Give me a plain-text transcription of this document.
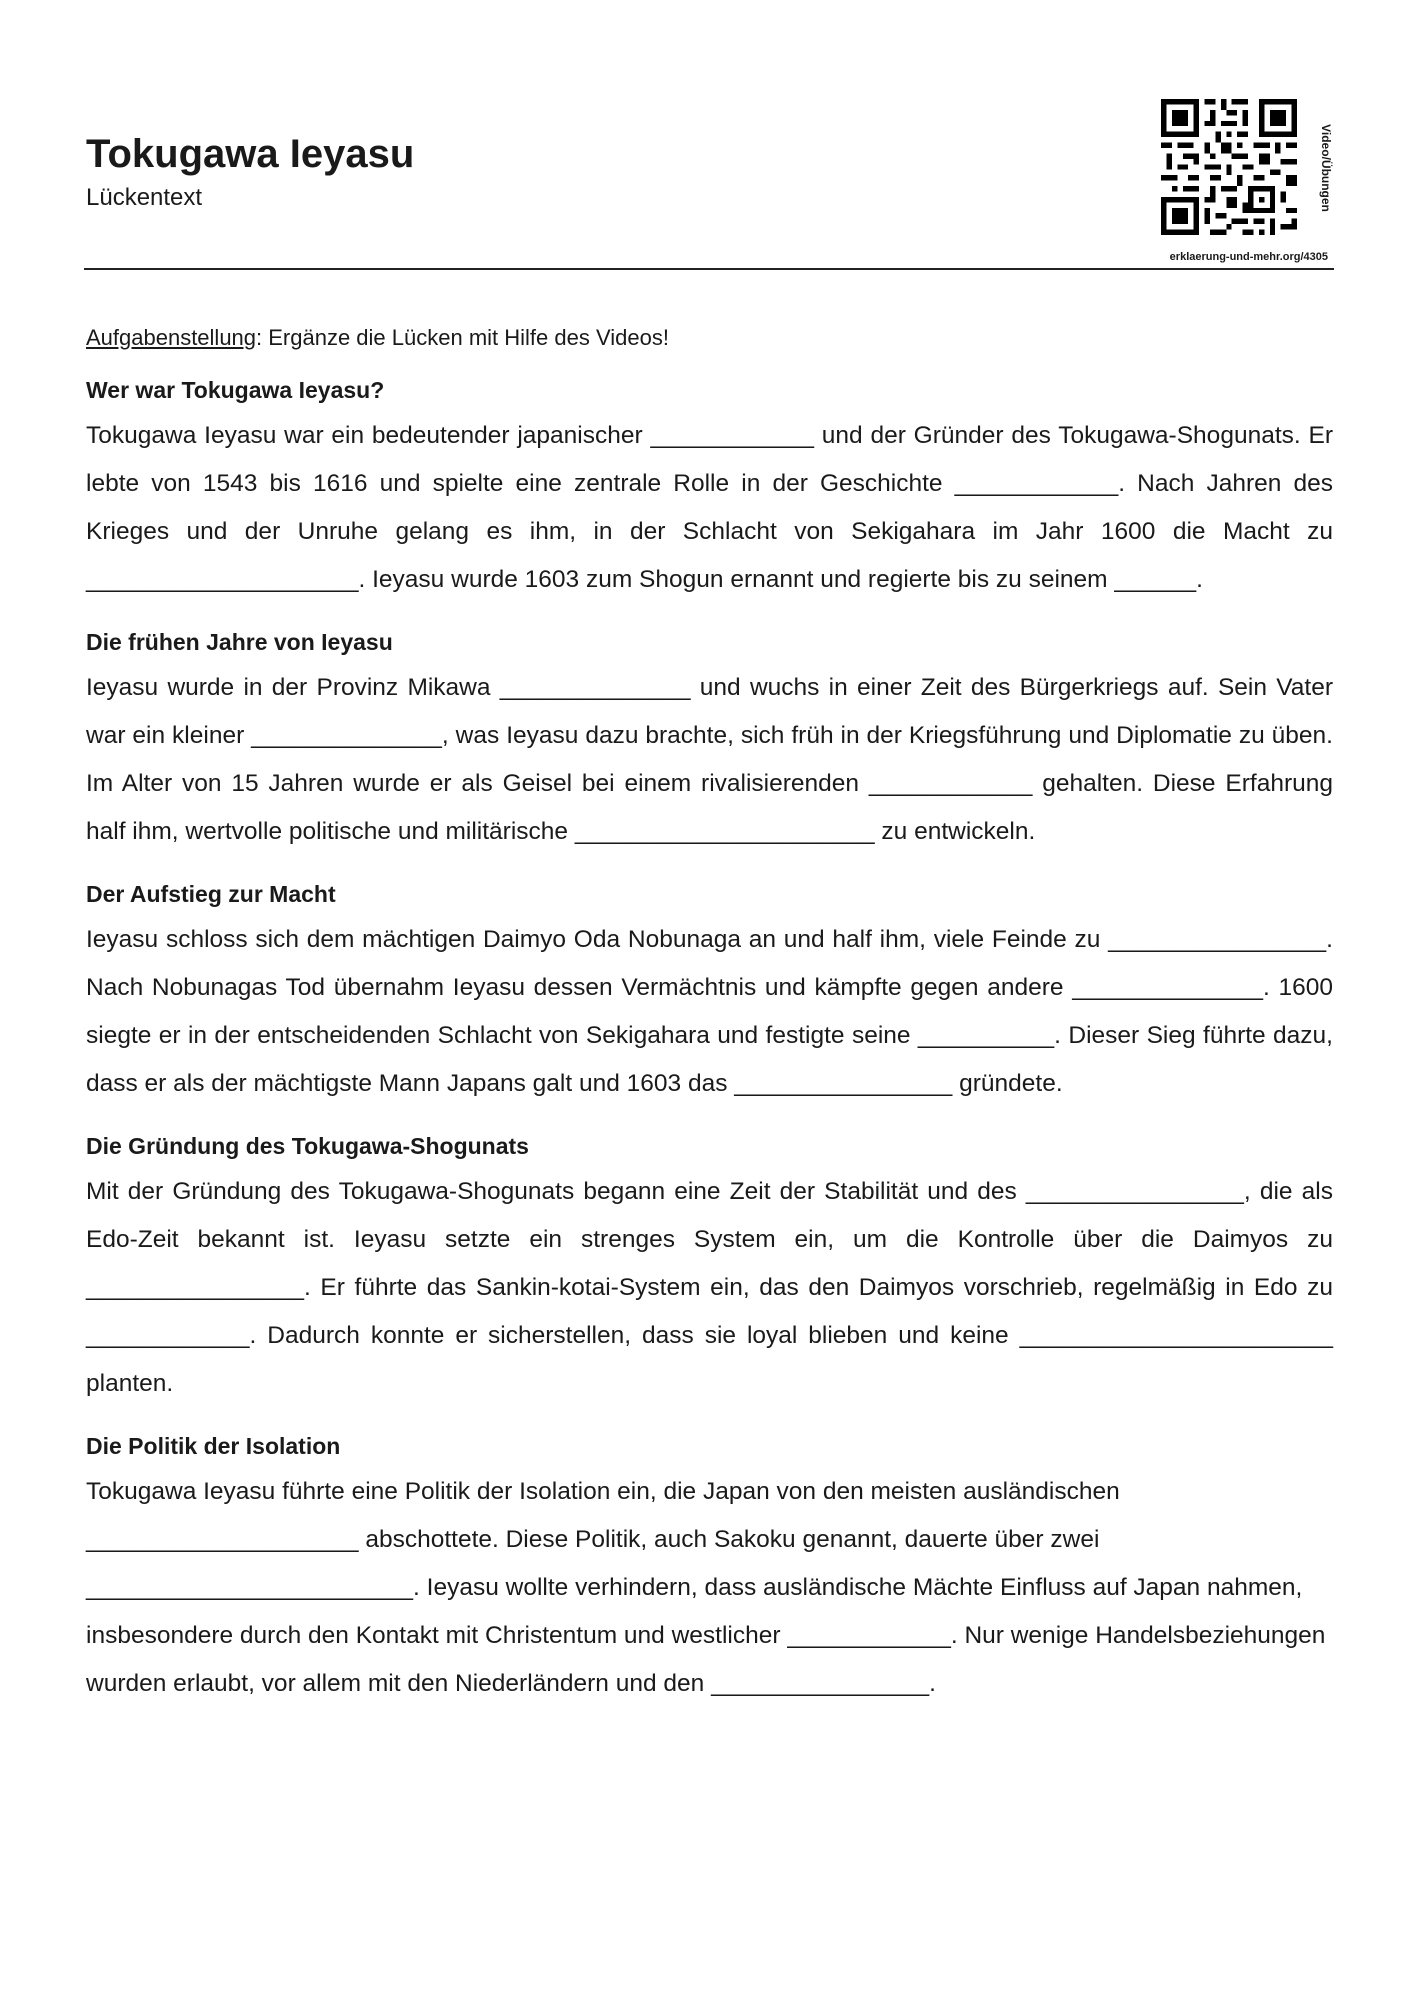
Tokugawa Ieyasu
Lückentext	Video/Übungen
erklaerung-und-mehr.org/4305

Aufgabenstellung: Ergänze die Lücken mit Hilfe des Videos!

Wer war Tokugawa Ieyasu?

Tokugawa Ieyasu war ein bedeutender japanischer ____________ und der Gründer des Tokugawa-Shogunats. Er lebte von 1543 bis 1616 und spielte eine zentrale Rolle in der Geschichte ____________. Nach Jahren des Krieges und der Unruhe gelang es ihm, in der Schlacht von Sekigahara im Jahr 1600 die Macht zu ____________________. Ieyasu wurde 1603 zum Shogun ernannt und regierte bis zu seinem ______.

Die frühen Jahre von Ieyasu

Ieyasu wurde in der Provinz Mikawa ______________ und wuchs in einer Zeit des Bürgerkriegs auf. Sein Vater war ein kleiner ______________, was Ieyasu dazu brachte, sich früh in der Kriegsführung und Diplomatie zu üben. Im Alter von 15 Jahren wurde er als Geisel bei einem rivalisierenden ____________ gehalten. Diese Erfahrung half ihm, wertvolle politische und militärische ______________________ zu entwickeln.

Der Aufstieg zur Macht

Ieyasu schloss sich dem mächtigen Daimyo Oda Nobunaga an und half ihm, viele Feinde zu ________________. Nach Nobunagas Tod übernahm Ieyasu dessen Vermächtnis und kämpfte gegen andere ______________. 1600 siegte er in der entscheidenden Schlacht von Sekigahara und festigte seine __________. Dieser Sieg führte dazu, dass er als der mächtigste Mann Japans galt und 1603 das ________________ gründete.

Die Gründung des Tokugawa-Shogunats

Mit der Gründung des Tokugawa-Shogunats begann eine Zeit der Stabilität und des ________________, die als Edo-Zeit bekannt ist. Ieyasu setzte ein strenges System ein, um die Kontrolle über die Daimyos zu ________________. Er führte das Sankin-kotai-System ein, das den Daimyos vorschrieb, regelmäßig in Edo zu ____________. Dadurch konnte er sicherstellen, dass sie loyal blieben und keine _______________________ planten.

Die Politik der Isolation

Tokugawa Ieyasu führte eine Politik der Isolation ein, die Japan von den meisten ausländischen ____________________ abschottete. Diese Politik, auch Sakoku genannt, dauerte über zwei ________________________. Ieyasu wollte verhindern, dass ausländische Mächte Einfluss auf Japan nahmen, insbesondere durch den Kontakt mit Christentum und westlicher ____________. Nur wenige Handelsbeziehungen wurden erlaubt, vor allem mit den Niederländern und den ________________.
